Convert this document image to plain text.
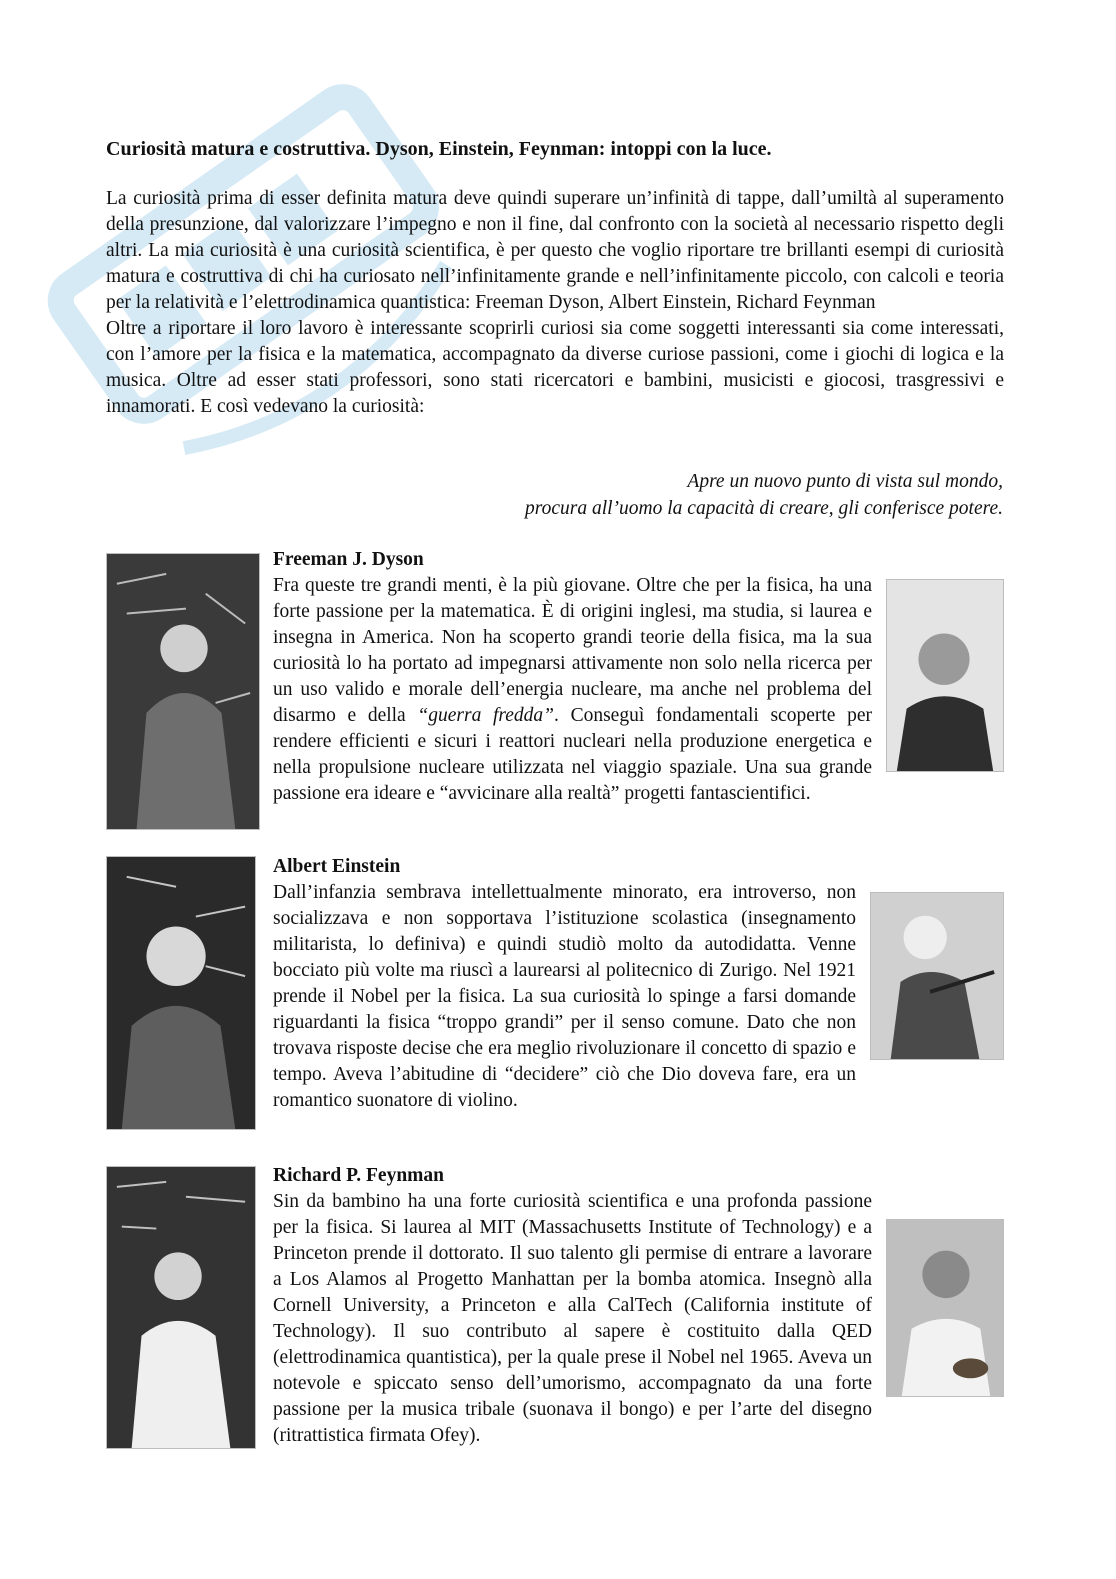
Curiosità matura e costruttiva. Dyson, Einstein, Feynman: intoppi con la luce.

La curiosità prima di esser definita matura deve quindi superare un’infinità di tappe, dall’umiltà al superamento della presunzione, dal valorizzare l’impegno e non il fine, dal confronto con la società al necessario rispetto degli altri. La mia curiosità è una curiosità scientifica, è per questo che voglio riportare tre brillanti esempi di curiosità matura e costruttiva di chi ha curiosato nell’infinitamente grande e nell’infinitamente piccolo, con calcoli e teoria per la relatività e l’elettrodinamica quantistica: Freeman Dyson, Albert Einstein, Richard Feynman

Oltre a riportare il loro lavoro è interessante scoprirli curiosi sia come soggetti interessanti sia come interessati, con l’amore per la fisica e la matematica, accompagnato da diverse curiose passioni, come i giochi di logica e la musica. Oltre ad esser stati professori, sono stati ricercatori e bambini, musicisti e giocosi, trasgressivi e innamorati. E così vedevano la curiosità:

Apre un nuovo punto di vista sul mondo,
procura all’uomo la capacità di creare, gli conferisce potere.
Freeman J. Dyson

Fra queste tre grandi menti, è la più giovane. Oltre che per la fisica, ha una forte passione per la matematica. È di origini inglesi, ma studia, si laurea e insegna in America. Non ha scoperto grandi teorie della fisica, ma la sua curiosità lo ha portato ad impegnarsi attivamente non solo nella ricerca per un uso valido e morale dell’energia nucleare, ma anche nel problema del disarmo e della “guerra fredda”. Conseguì fondamentali scoperte per rendere efficienti e sicuri i reattori nucleari nella produzione energetica e nella propulsione nucleare utilizzata nel viaggio spaziale. Una sua grande passione era ideare e “avvicinare alla realtà” progetti fantascientifici.

Albert Einstein

Dall’infanzia sembrava intellettualmente minorato, era introverso, non socializzava e non sopportava l’istituzione scolastica (insegnamento militarista, lo definiva) e quindi studiò molto da autodidatta. Venne bocciato più volte ma riuscì a laurearsi al politecnico di Zurigo. Nel 1921 prende il Nobel per la fisica. La sua curiosità lo spinge a farsi domande riguardanti la fisica “troppo grandi” per il senso comune. Dato che non trovava risposte decise che era meglio rivoluzionare il concetto di spazio e tempo. Aveva l’abitudine di “decidere” ciò che Dio doveva fare, era un romantico suonatore di violino.

Richard P. Feynman

Sin da bambino ha una forte curiosità scientifica e una profonda passione per la fisica. Si laurea al MIT (Massachusetts Institute of Technology) e a Princeton prende il dottorato. Il suo talento gli permise di entrare a lavorare a Los Alamos al Progetto Manhattan per la bomba atomica. Insegnò alla Cornell University, a Princeton e alla CalTech (California institute of Technology). Il suo contributo al sapere è costituito dalla QED (elettrodinamica quantistica), per la quale prese il Nobel nel 1965. Aveva un notevole e spiccato senso dell’umorismo, accompagnato da una forte passione per la musica tribale (suonava il bongo) e per l’arte del disegno (ritrattistica firmata Ofey).
